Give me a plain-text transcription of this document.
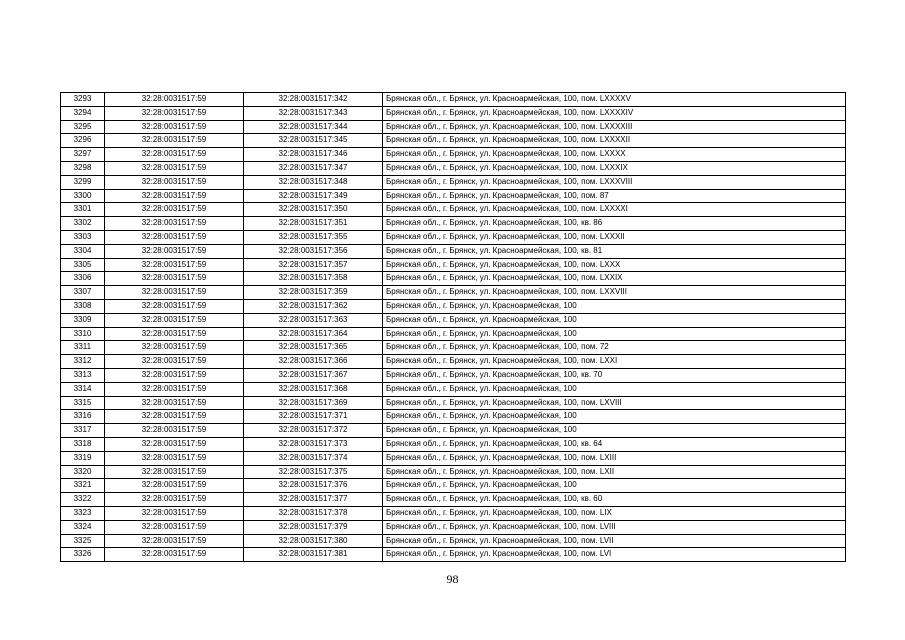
3293	32:28:0031517:59	32:28:0031517:342	Брянская обл., г. Брянск, ул. Красноармейская, 100, пом. LXXXXV
3294	32:28:0031517:59	32:28:0031517:343	Брянская обл., г. Брянск, ул. Красноармейская, 100, пом. LXXXXIV
3295	32:28:0031517:59	32:28:0031517:344	Брянская обл., г. Брянск, ул. Красноармейская, 100, пом. LXXXXIII
3296	32:28:0031517:59	32:28:0031517:345	Брянская обл., г. Брянск, ул. Красноармейская, 100, пом. LXXXXII
3297	32:28:0031517:59	32:28:0031517:346	Брянская обл., г. Брянск, ул. Красноармейская, 100, пом. LXXXX
3298	32:28:0031517:59	32:28:0031517:347	Брянская обл., г. Брянск, ул. Красноармейская, 100, пом. LXXXIX
3299	32:28:0031517:59	32:28:0031517:348	Брянская обл., г. Брянск, ул. Красноармейская, 100, пом. LXXXVIII
3300	32:28:0031517:59	32:28:0031517:349	Брянская обл., г. Брянск, ул. Красноармейская, 100, пом. 87
3301	32:28:0031517:59	32:28:0031517:350	Брянская обл., г. Брянск, ул. Красноармейская, 100, пом. LXXXXI
3302	32:28:0031517:59	32:28:0031517:351	Брянская обл., г. Брянск, ул. Красноармейская, 100, кв. 86
3303	32:28:0031517:59	32:28:0031517:355	Брянская обл., г. Брянск, ул. Красноармейская, 100, пом. LXXXII
3304	32:28:0031517:59	32:28:0031517:356	Брянская обл., г. Брянск, ул. Красноармейская, 100, кв. 81
3305	32:28:0031517:59	32:28:0031517:357	Брянская обл., г. Брянск, ул. Красноармейская, 100, пом. LXXX
3306	32:28:0031517:59	32:28:0031517:358	Брянская обл., г. Брянск, ул. Красноармейская, 100, пом. LXXIX
3307	32:28:0031517:59	32:28:0031517:359	Брянская обл., г. Брянск, ул. Красноармейская, 100, пом. LXXVIII
3308	32:28:0031517:59	32:28:0031517:362	Брянская обл., г. Брянск, ул. Красноармейская, 100
3309	32:28:0031517:59	32:28:0031517:363	Брянская обл., г. Брянск, ул. Красноармейская, 100
3310	32:28:0031517:59	32:28:0031517:364	Брянская обл., г. Брянск, ул. Красноармейская, 100
3311	32:28:0031517:59	32:28:0031517:365	Брянская обл., г. Брянск, ул. Красноармейская, 100, пом. 72
3312	32:28:0031517:59	32:28:0031517:366	Брянская обл., г. Брянск, ул. Красноармейская, 100, пом. LXXI
3313	32:28:0031517:59	32:28:0031517:367	Брянская обл., г. Брянск, ул. Красноармейская, 100, кв. 70
3314	32:28:0031517:59	32:28:0031517:368	Брянская обл., г. Брянск, ул. Красноармейская, 100
3315	32:28:0031517:59	32:28:0031517:369	Брянская обл., г. Брянск, ул. Красноармейская, 100, пом. LXVIII
3316	32:28:0031517:59	32:28:0031517:371	Брянская обл., г. Брянск, ул. Красноармейская, 100
3317	32:28:0031517:59	32:28:0031517:372	Брянская обл., г. Брянск, ул. Красноармейская, 100
3318	32:28:0031517:59	32:28:0031517:373	Брянская обл., г. Брянск, ул. Красноармейская, 100, кв. 64
3319	32:28:0031517:59	32:28:0031517:374	Брянская обл., г. Брянск, ул. Красноармейская, 100, пом. LXIII
3320	32:28:0031517:59	32:28:0031517:375	Брянская обл., г. Брянск, ул. Красноармейская, 100, пом. LXII
3321	32:28:0031517:59	32:28:0031517:376	Брянская обл., г. Брянск, ул. Красноармейская, 100
3322	32:28:0031517:59	32:28:0031517:377	Брянская обл., г. Брянск, ул. Красноармейская, 100, кв. 60
3323	32:28:0031517:59	32:28:0031517:378	Брянская обл., г. Брянск, ул. Красноармейская, 100, пом. LIX
3324	32:28:0031517:59	32:28:0031517:379	Брянская обл., г. Брянск, ул. Красноармейская, 100, пом. LVIII
3325	32:28:0031517:59	32:28:0031517:380	Брянская обл., г. Брянск, ул. Красноармейская, 100, пом. LVII
3326	32:28:0031517:59	32:28:0031517:381	Брянская обл., г. Брянск, ул. Красноармейская, 100, пом. LVI
98
